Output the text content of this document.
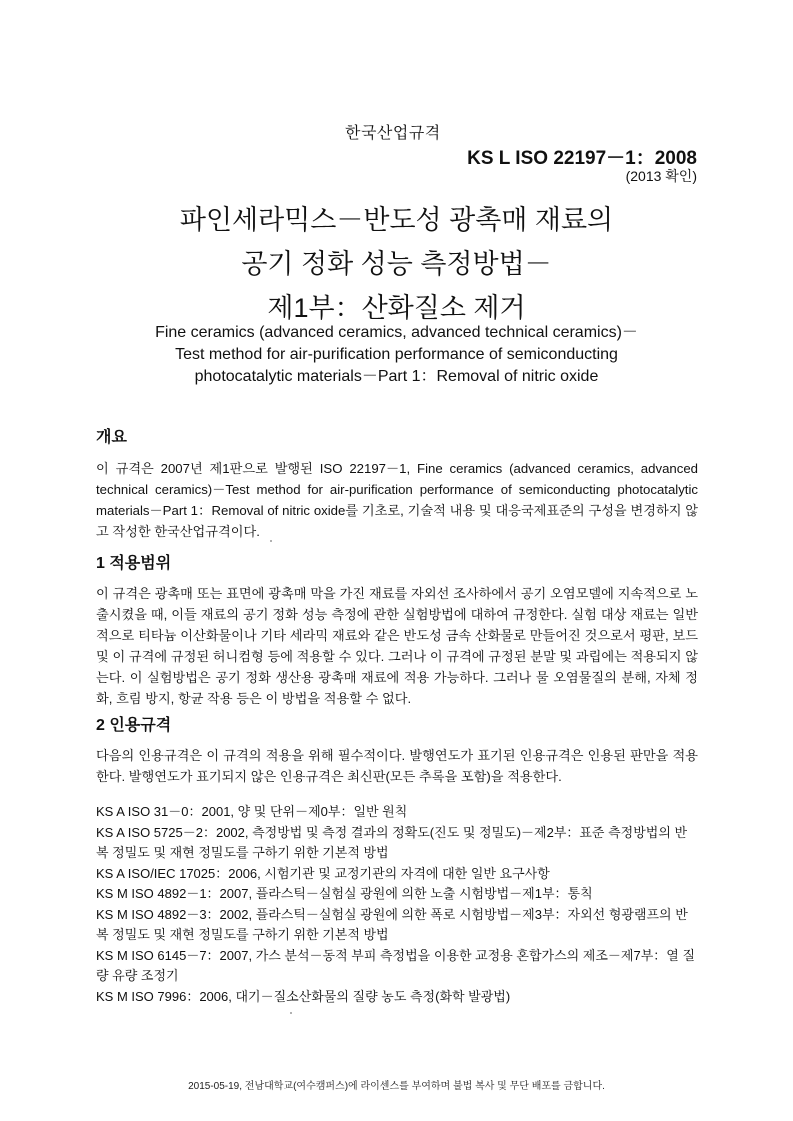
한국산업규격
KS L ISO 22197－1：2008
(2013 확인)
파인세라믹스－반도성 광촉매 재료의
공기 정화 성능 측정방법－
제1부：산화질소 제거
Fine ceramics (advanced ceramics, advanced technical ceramics)－
Test method for air-purification performance of semiconducting
photocatalytic materials－Part 1：Removal of nitric oxide
개요
이 규격은 2007년 제1판으로 발행된 ISO 22197－1, Fine ceramics (advanced ceramics, advanced technical ceramics)－Test method for air-purification performance of semiconducting photocatalytic materials－Part 1：Removal of nitric oxide를 기초로, 기술적 내용 및 대응국제표준의 구성을 변경하지 않고 작성한 한국산업규격이다.
1 적용범위
이 규격은 광촉매 또는 표면에 광촉매 막을 가진 재료를 자외선 조사하에서 공기 오염모델에 지속적으로 노출시켰을 때, 이들 재료의 공기 정화 성능 측정에 관한 실험방법에 대하여 규정한다. 실험 대상 재료는 일반적으로 티타늄 이산화물이나 기타 세라믹 재료와 같은 반도성 금속 산화물로 만들어진 것으로서 평판, 보드 및 이 규격에 규정된 허니컴형 등에 적용할 수 있다. 그러나 이 규격에 규정된 분말 및 과립에는 적용되지 않는다. 이 실험방법은 공기 정화 생산용 광촉매 재료에 적용 가능하다. 그러나 물 오염물질의 분해, 자체 정화, 흐림 방지, 항균 작용 등은 이 방법을 적용할 수 없다.
2 인용규격
다음의 인용규격은 이 규격의 적용을 위해 필수적이다. 발행연도가 표기된 인용규격은 인용된 판만을 적용한다. 발행연도가 표기되지 않은 인용규격은 최신판(모든 추록을 포함)을 적용한다.
KS A ISO 31－0：2001, 양 및 단위－제0부：일반 원칙
KS A ISO 5725－2：2002, 측정방법 및 측정 결과의 정확도(진도 및 정밀도)－제2부：표준 측정방법의 반복 정밀도 및 재현 정밀도를 구하기 위한 기본적 방법
KS A ISO/IEC 17025：2006, 시험기관 및 교정기관의 자격에 대한 일반 요구사항
KS M ISO 4892－1：2007, 플라스틱－실험실 광원에 의한 노출 시험방법－제1부：통칙
KS M ISO 4892－3：2002, 플라스틱－실험실 광원에 의한 폭로 시험방법－제3부：자외선 형광램프의 반복 정밀도 및 재현 정밀도를 구하기 위한 기본적 방법
KS M ISO 6145－7：2007, 가스 분석－동적 부피 측정법을 이용한 교정용 혼합가스의 제조－제7부：열 질량 유량 조정기
KS M ISO 7996：2006, 대기－질소산화물의 질량 농도 측정(화학 발광법)
2015-05-19, 전남대학교(여수캠퍼스)에 라이센스를 부여하며 불법 복사 및 무단 배포를 금합니다.
